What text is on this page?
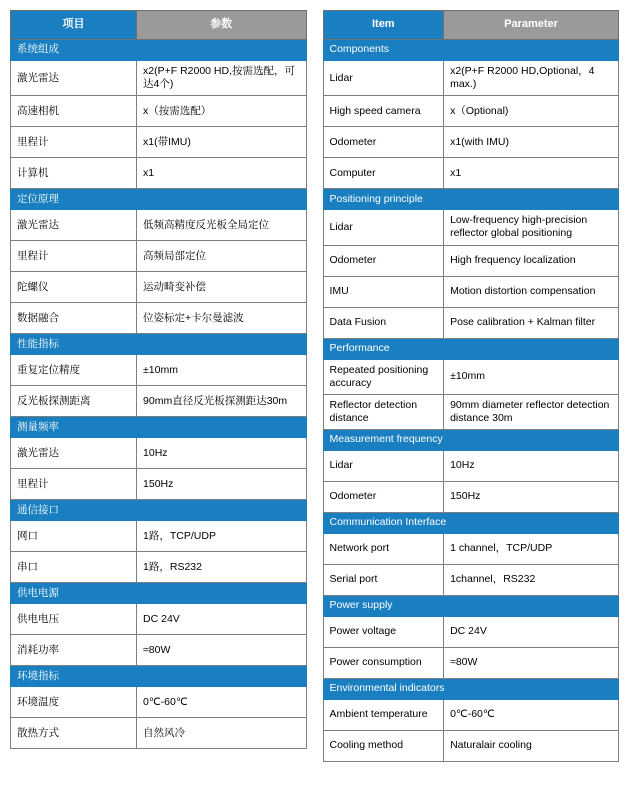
项目	参数
系统组成	
激光雷达	x2(P+F R2000 HD,按需选配，可达4个)
高速相机	x（按需选配）
里程计	x1(带IMU)
计算机	x1
定位原理	
激光雷达	低频高精度反光板全局定位
里程计	高频局部定位
陀螺仪	运动畸变补偿
数据融合	位姿标定+卡尔曼滤波
性能指标	
重复定位精度	±10mm
反光板探测距离	90mm直径反光板探测距达30m
测量频率	
激光雷达	10Hz
里程计	150Hz
通信接口	
网口	1路，TCP/UDP
串口	1路，RS232
供电电源	
供电电压	DC 24V
消耗功率	≈80W
环境指标	
环境温度	0℃-60℃
散热方式	自然风冷
Item	Parameter
Components	
Lidar	x2(P+F R2000 HD,Optional，4 max.)
High speed camera	x（Optional)
Odometer	x1(with IMU)
Computer	x1
Positioning principle	
Lidar	Low-frequency high-precision reflector global positioning
Odometer	High frequency localization
IMU	Motion distortion compensation
Data Fusion	Pose calibration + Kalman filter
Performance	
Repeated positioning accuracy	±10mm
Reflector detection distance	90mm diameter reflector detection distance 30m
Measurement frequency	
Lidar	10Hz
Odometer	150Hz
Communication Interface	
Network port	1 channel，TCP/UDP
Serial port	1channel，RS232
Power supply	
Power voltage	DC 24V
Power consumption	≈80W
Environmental indicators	
Ambient temperature	0℃-60℃
Cooling method	Naturalair cooling
